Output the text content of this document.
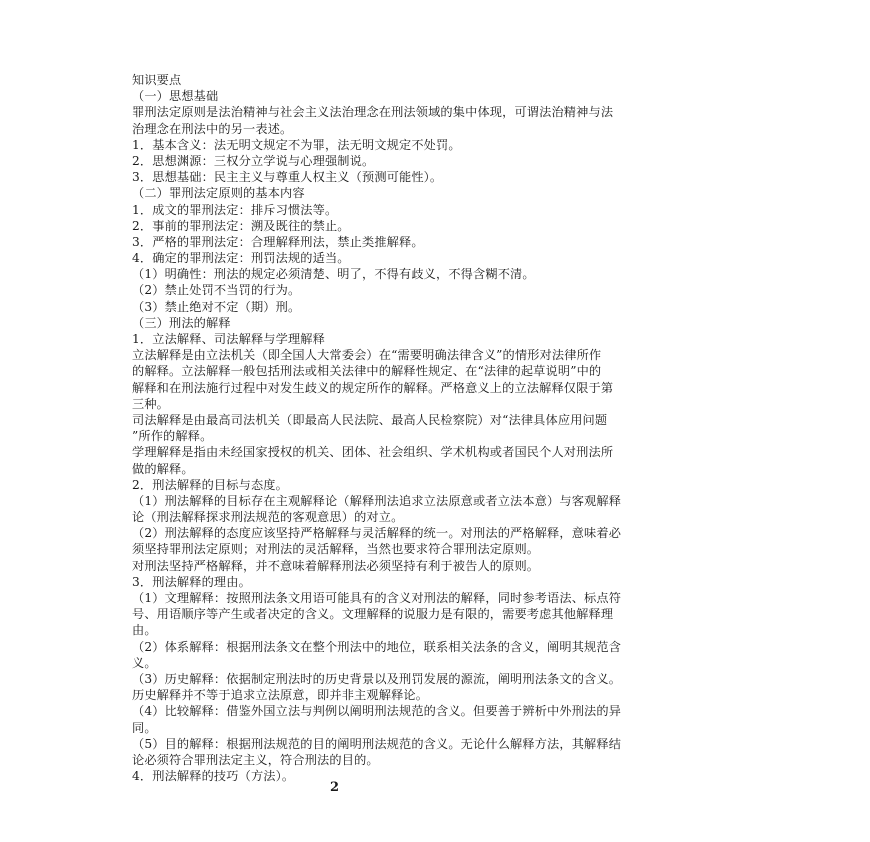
知识要点
（一）思想基础
罪刑法定原则是法治精神与社会主义法治理念在刑法领域的集中体现，可谓法治精神与法
治理念在刑法中的另一表述。
1．基本含义：法无明文规定不为罪，法无明文规定不处罚。
2．思想渊源：三权分立学说与心理强制说。
3．思想基础：民主主义与尊重人权主义（预测可能性）。
（二）罪刑法定原则的基本内容
1．成文的罪刑法定：排斥习惯法等。
2．事前的罪刑法定：溯及既往的禁止。
3．严格的罪刑法定：合理解释刑法，禁止类推解释。
4．确定的罪刑法定：刑罚法规的适当。
（1）明确性：刑法的规定必须清楚、明了，不得有歧义，不得含糊不清。
（2）禁止处罚不当罚的行为。
（3）禁止绝对不定（期）刑。
（三）刑法的解释
1．立法解释、司法解释与学理解释
立法解释是由立法机关（即全国人大常委会）在“需要明确法律含义”的情形对法律所作
的解释。立法解释一般包括刑法或相关法律中的解释性规定、在“法律的起草说明”中的
解释和在刑法施行过程中对发生歧义的规定所作的解释。严格意义上的立法解释仅限于第
三种。
司法解释是由最高司法机关（即最高人民法院、最高人民检察院）对“法律具体应用问题
”所作的解释。
学理解释是指由未经国家授权的机关、团体、社会组织、学术机构或者国民个人对刑法所
做的解释。
2．刑法解释的目标与态度。
（1）刑法解释的目标存在主观解释论（解释刑法追求立法原意或者立法本意）与客观解释
论（刑法解释探求刑法规范的客观意思）的对立。
（2）刑法解释的态度应该坚持严格解释与灵活解释的统一。对刑法的严格解释，意味着必
须坚持罪刑法定原则；对刑法的灵活解释，当然也要求符合罪刑法定原则。
对刑法坚持严格解释，并不意味着解释刑法必须坚持有利于被告人的原则。
3．刑法解释的理由。
（1）文理解释：按照刑法条文用语可能具有的含义对刑法的解释，同时参考语法、标点符
号、用语顺序等产生或者决定的含义。文理解释的说服力是有限的，需要考虑其他解释理
由。
（2）体系解释：根据刑法条文在整个刑法中的地位，联系相关法条的含义，阐明其规范含
义。
（3）历史解释：依据制定刑法时的历史背景以及刑罚发展的源流，阐明刑法条文的含义。
历史解释并不等于追求立法原意，即并非主观解释论。
（4）比较解释：借鉴外国立法与判例以阐明刑法规范的含义。但要善于辨析中外刑法的异
同。
（5）目的解释：根据刑法规范的目的阐明刑法规范的含义。无论什么解释方法，其解释结
论必须符合罪刑法定主义，符合刑法的目的。
4．刑法解释的技巧（方法）。
2
